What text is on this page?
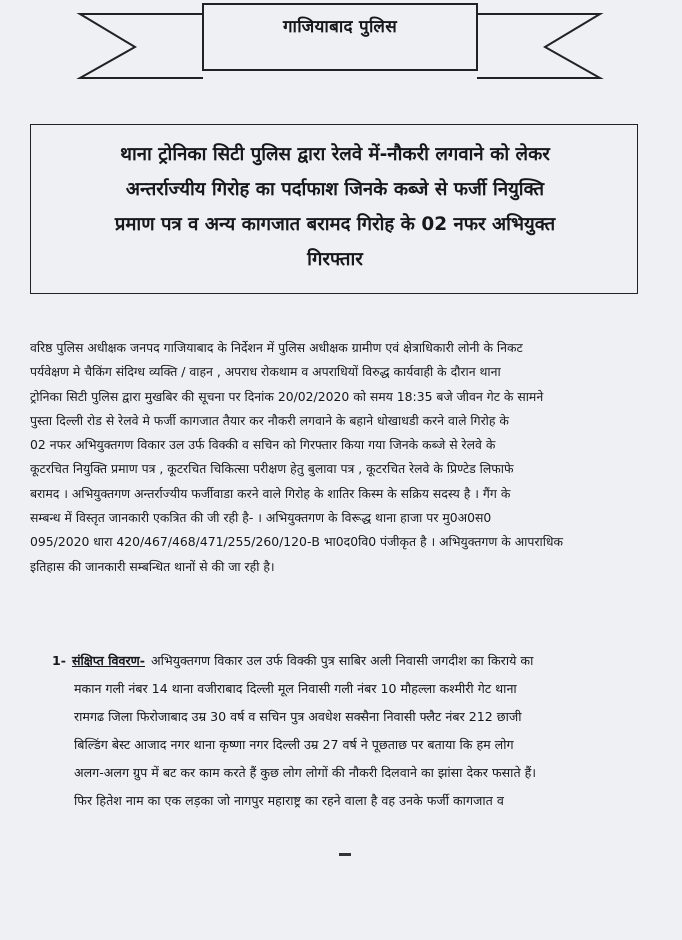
गाजियाबाद पुलिस
थाना ट्रोनिका सिटी पुलिस द्वारा रेलवे में-नौकरी लगवाने को लेकर
अन्तर्राज्यीय गिरोह का पर्दाफाश जिनके कब्जे से फर्जी नियुक्ति
प्रमाण पत्र व अन्य कागजात बरामद गिरोह के 02 नफर अभियुक्त
गिरफ्तार
वरिष्ठ पुलिस अधीक्षक जनपद गाजियाबाद के निर्देशन में पुलिस अधीक्षक ग्रामीण एवं क्षेत्राधिकारी लोनी के निकट
पर्यवेक्षण मे चैकिंग संदिग्ध व्यक्ति / वाहन , अपराध रोकथाम व अपराधियों विरुद्ध कार्यवाही के दौरान थाना
ट्रोनिका सिटी पुलिस द्वारा मुखबिर की सूचना पर दिनांक 20/02/2020 को समय 18:35 बजे जीवन गेट के सामने
पुस्ता दिल्ली रोड से रेलवे मे फर्जी कागजात तैयार कर नौकरी लगवाने के बहाने धोखाधडी करने वाले गिरोह के
02 नफर अभियुक्तगण विकार उल उर्फ विक्की व सचिन को गिरफ्तार किया गया जिनके कब्जे से रेलवे के
कूटरचित नियुक्ति प्रमाण पत्र , कूटरचित चिकित्सा परीक्षण हेतु बुलावा पत्र , कूटरचित रेलवे के प्रिण्टेड लिफाफे
बरामद । अभियुक्तगण अन्तर्राज्यीय फर्जीवाडा करने वाले गिरोह के शातिर किस्म के सक्रिय सदस्य है । गैंग के
सम्बन्ध में विस्तृत जानकारी एकत्रित की जी रही है- । अभियुक्तगण के विरूद्ध थाना हाजा पर मु0अ0स0
095/2020 धारा 420/467/468/471/255/260/120-B भा0द0वि0 पंजीकृत है । अभियुक्तगण के आपराधिक
इतिहास की जानकारी सम्बन्धित थानों से की जा रही है।
1- संक्षिप्त विवरण- अभियुक्तगण विकार उल उर्फ विक्की पुत्र साबिर अली निवासी जगदीश का किराये का
मकान गली नंबर 14 थाना वजीराबाद दिल्ली मूल निवासी गली नंबर 10 मौहल्ला कश्मीरी गेट थाना
रामगढ जिला फिरोजाबाद उम्र 30 वर्ष व सचिन पुत्र अवधेश सक्सैना निवासी फ्लैट नंबर 212 छाजी
बिल्डिंग बेस्ट आजाद नगर थाना कृष्णा नगर दिल्ली उम्र 27 वर्ष ने पूछताछ पर बताया कि हम लोग
अलग-अलग ग्रुप में बट कर काम करते हैं कुछ लोग लोगों की नौकरी दिलवाने का झांसा देकर फसाते हैं।
फिर हितेश नाम का एक लड़का जो नागपुर महाराष्ट्र का रहने वाला है वह उनके फर्जी कागजात व
